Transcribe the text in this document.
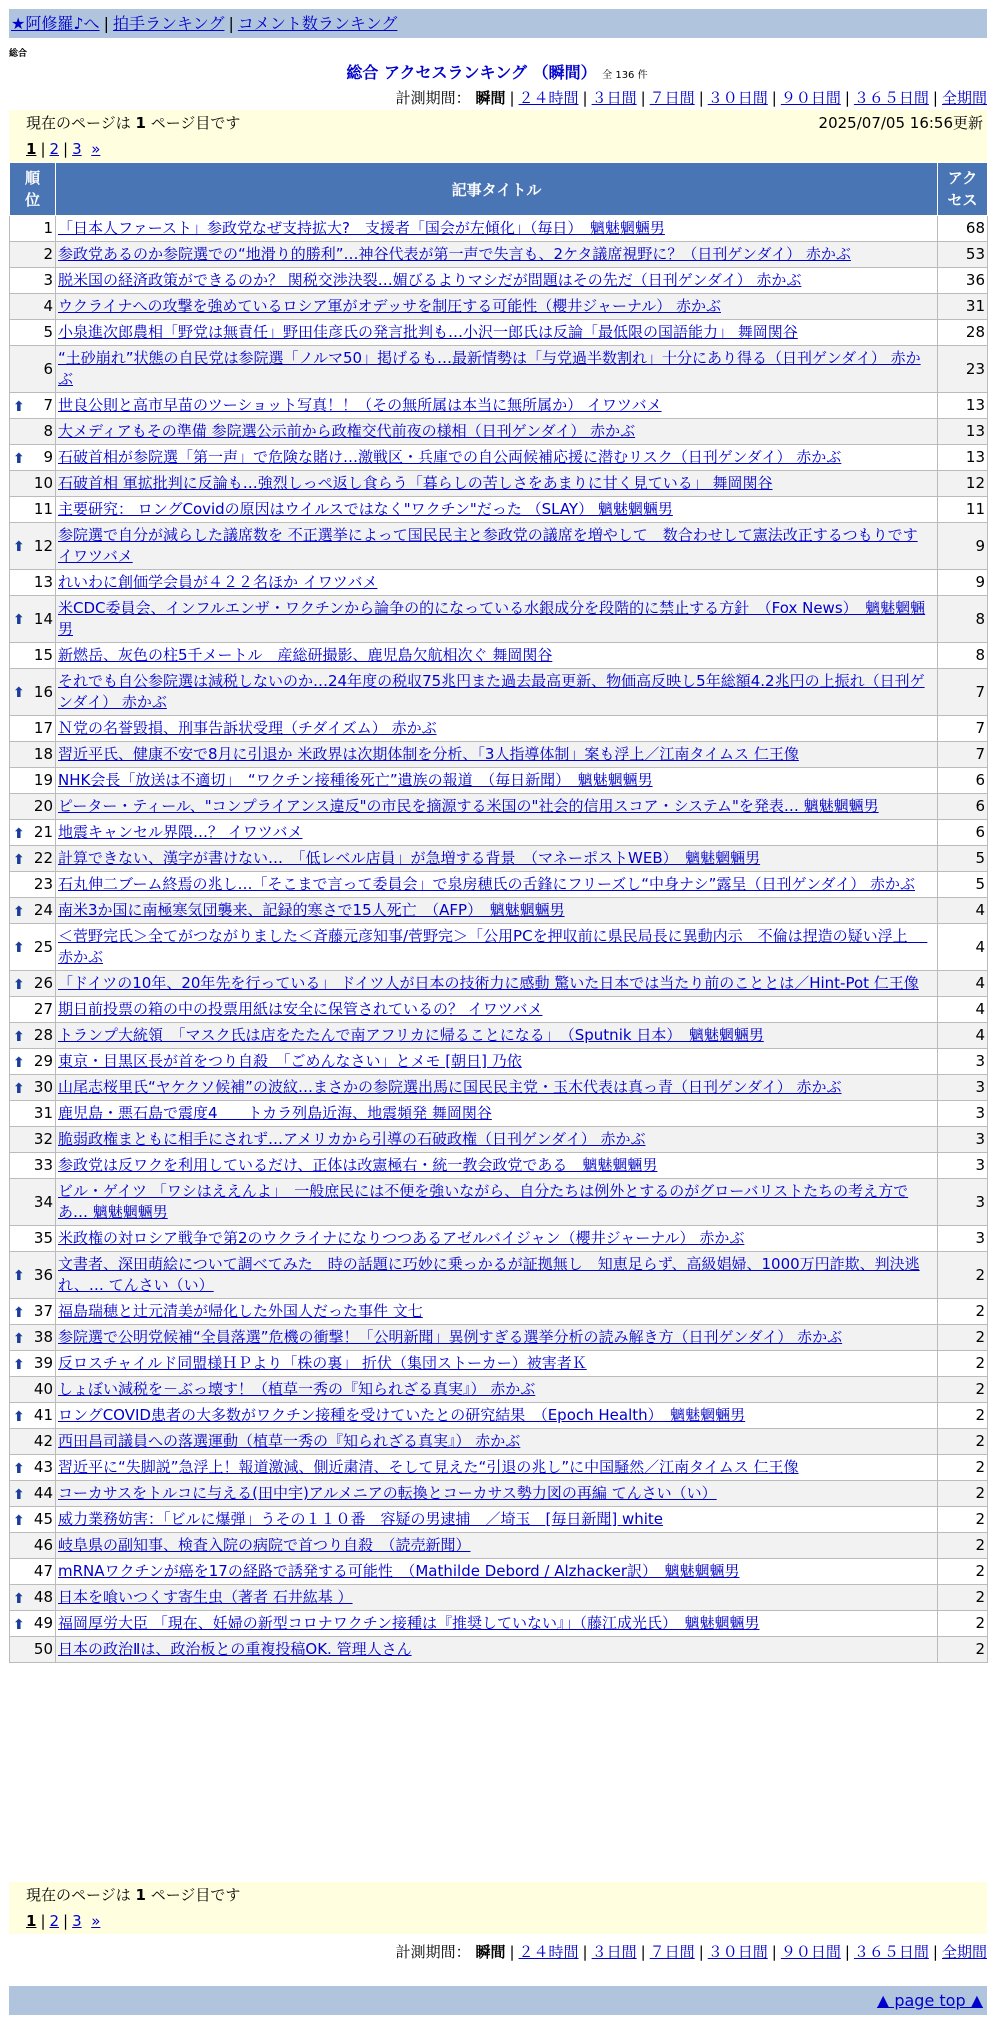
★阿修羅♪へ | 拍手ランキング | コメント数ランキング
総合
総合 アクセスランキング （瞬間） 全 136 件
計測期間： 瞬間 | ２４時間 | ３日間 | ７日間 | ３０日間 | ９０日間 | ３６５日間 | 全期間
現在のページは 1 ページ目です	2025/07/05 16:56更新
1 | 2 | 3 »
順位	記事タイトル	アクセス
1	「日本人ファースト」参政党なぜ支持拡大?　支援者「国会が左傾化」（毎日）　魑魅魍魎男	68
2	参政党あるのか参院選での“地滑り的勝利”…神谷代表が第一声で失言も、2ケタ議席視野に？（日刊ゲンダイ） 赤かぶ	53
3	脱米国の経済政策ができるのか？ 関税交渉決裂…媚びるよりマシだが問題はその先だ（日刊ゲンダイ） 赤かぶ	36
4	ウクライナへの攻撃を強めているロシア軍がオデッサを制圧する可能性（櫻井ジャーナル） 赤かぶ	31
5	小泉進次郎農相「野党は無責任」野田佳彦氏の発言批判も…小沢一郎氏は反論「最低限の国語能力」 舞岡関谷	28
6	“土砂崩れ”状態の自民党は参院選「ノルマ50」掲げるも…最新情勢は「与党過半数割れ」十分にあり得る（日刊ゲンダイ） 赤かぶ	23

⬆ 7	世良公則と高市早苗のツーショット写真！！（その無所属は本当に無所属か） イワツバメ	13
8	大メディアもその準備 参院選公示前から政権交代前夜の様相（日刊ゲンダイ） 赤かぶ	13

⬆ 9	石破首相が参院選「第一声」で危険な賭け…激戦区・兵庫での自公両候補応援に潜むリスク（日刊ゲンダイ） 赤かぶ	13
10	石破首相 軍拡批判に反論も…強烈しっぺ返し食らう「暮らしの苦しさをあまりに甘く見ている」 舞岡関谷	12
11	主要研究： ロングCovidの原因はウイルスではなく"ワクチン"だった （SLAY） 魑魅魍魎男	11

⬆ 12	参院選で自分が減らした議席数を 不正選挙によって国民民主と参政党の議席を増やして　数合わせして憲法改正するつもりです イワツバメ	9
13	れいわに創価学会員が４２２名ほか イワツバメ	9

⬆ 14	米CDC委員会、インフルエンザ・ワクチンから論争の的になっている水銀成分を段階的に禁止する方針　（Fox News）　魑魅魍魎男	8
15	新燃岳、灰色の柱5千メートル　産総研撮影、鹿児島欠航相次ぐ 舞岡関谷	8

⬆ 16	それでも自公参院選は減税しないのか…24年度の税収75兆円また過去最高更新、物価高反映し5年総額4.2兆円の上振れ（日刊ゲンダイ） 赤かぶ	7
17	Ｎ党の名誉毀損、刑事告訴状受理（チダイズム） 赤かぶ	7
18	習近平氏、健康不安で8月に引退か 米政界は次期体制を分析、「3人指導体制」案も浮上／江南タイムス 仁王像	7
19	NHK会長「放送は不適切」　“ワクチン接種後死亡”遺族の報道　（毎日新聞）　魑魅魍魎男	6
20	ピーター・ティール、"コンプライアンス違反"の市民を摘源する米国の"社会的信用スコア・システム"を発表… 魑魅魍魎男	6

⬆ 21	地震キャンセル界隈…？ イワツバメ	6

⬆ 22	計算できない、漢字が書けない…　「低レベル店員」が急増する背景　（マネーポストWEB）　魑魅魍魎男	5
23	石丸伸二ブーム終焉の兆し…「そこまで言って委員会」で泉房穂氏の舌鋒にフリーズし“中身ナシ”露呈（日刊ゲンダイ） 赤かぶ	5

⬆ 24	南米3か国に南極寒気団襲来、記録的寒さで15人死亡　（AFP）　魑魅魍魎男	4

⬆ 25	＜菅野完氏＞全てがつながりました＜斉藤元彦知事/菅野完＞「公用PCを押収前に県民局長に異動内示　不倫は捏造の疑い浮上　 赤かぶ	4

⬆ 26	「ドイツの10年、20年先を行っている」 ドイツ人が日本の技術力に感動 驚いた日本では当たり前のこととは／Hint-Pot 仁王像	4
27	期日前投票の箱の中の投票用紙は安全に保管されているの？ イワツバメ	4

⬆ 28	トランプ大統領　「マスク氏は店をたたんで南アフリカに帰ることになる」　（Sputnik 日本）　魑魅魍魎男	4

⬆ 29	東京・目黒区長が首をつり自殺　「ごめんなさい」とメモ [朝日] 乃依	3

⬆ 30	山尾志桜里氏“ヤケクソ候補”の波紋…まさかの参院選出馬に国民民主党・玉木代表は真っ青（日刊ゲンダイ） 赤かぶ	3
31	鹿児島・悪石島で震度4　　トカラ列島近海、地震頻発 舞岡関谷	3
32	脆弱政権まともに相手にされず…アメリカから引導の石破政権（日刊ゲンダイ） 赤かぶ	3
33	参政党は反ワクを利用しているだけ、正体は改憲極右・統一教会政党である　魑魅魍魎男	3
34	ビル・ゲイツ 「ワシはええんよ」　一般庶民には不便を強いながら、自分たちは例外とするのがグローバリストたちの考え方であ… 魑魅魍魎男	3
35	米政権の対ロシア戦争で第2のウクライナになりつつあるアゼルバイジャン（櫻井ジャーナル） 赤かぶ	3

⬆ 36	文書者、深田萌絵について調べてみた　時の話題に巧妙に乗っかるが証拠無し　知恵足らず、高級娼婦、1000万円詐欺、判決逃れ、… てんさい（い）	2

⬆ 37	福島瑞穂と辻元清美が帰化した外国人だった事件 文七	2

⬆ 38	参院選で公明党候補“全員落選”危機の衝撃！「公明新聞」異例すぎる選挙分析の読み解き方（日刊ゲンダイ） 赤かぶ	2

⬆ 39	反ロスチャイルド同盟様ＨＰより「株の裏」 折伏（集団ストーカー）被害者Ｋ	2
40	しょぼい減税を－ぶっ壊す！（植草一秀の『知られざる真実』） 赤かぶ	2

⬆ 41	ロングCOVID患者の大多数がワクチン接種を受けていたとの研究結果　（Epoch Health）　魑魅魍魎男	2
42	西田昌司議員への落選運動（植草一秀の『知られざる真実』） 赤かぶ	2

⬆ 43	習近平に“失脚説”急浮上！報道激減、側近粛清、そして見えた“引退の兆し”に中国騒然／江南タイムス 仁王像	2

⬆ 44	コーカサスをトルコに与える(田中宇)アルメニアの転換とコーカサス勢力図の再編 てんさい（い）	2

⬆ 45	威力業務妨害：「ビルに爆弾」うその１１０番　容疑の男逮捕　／埼玉　[毎日新聞] white	2
46	岐阜県の副知事、検査入院の病院で首つり自殺　（読売新聞）	2
47	mRNAワクチンが癌を17の経路で誘発する可能性　（Mathilde Debord / Alzhacker訳）　魑魅魍魎男	2

⬆ 48	日本を喰いつくす寄生虫（著者 石井紘基 ）	2

⬆ 49	福岡厚労大臣 「現在、妊婦の新型コロナワクチン接種は『推奨していない』」（藤江成光氏）　魑魅魍魎男	2
50	日本の政治Ⅱは、政治板との重複投稿OK. 管理人さん	2
現在のページは 1 ページ目です
1 | 2 | 3 »
計測期間： 瞬間 | ２４時間 | ３日間 | ７日間 | ３０日間 | ９０日間 | ３６５日間 | 全期間
▲ page top ▲
